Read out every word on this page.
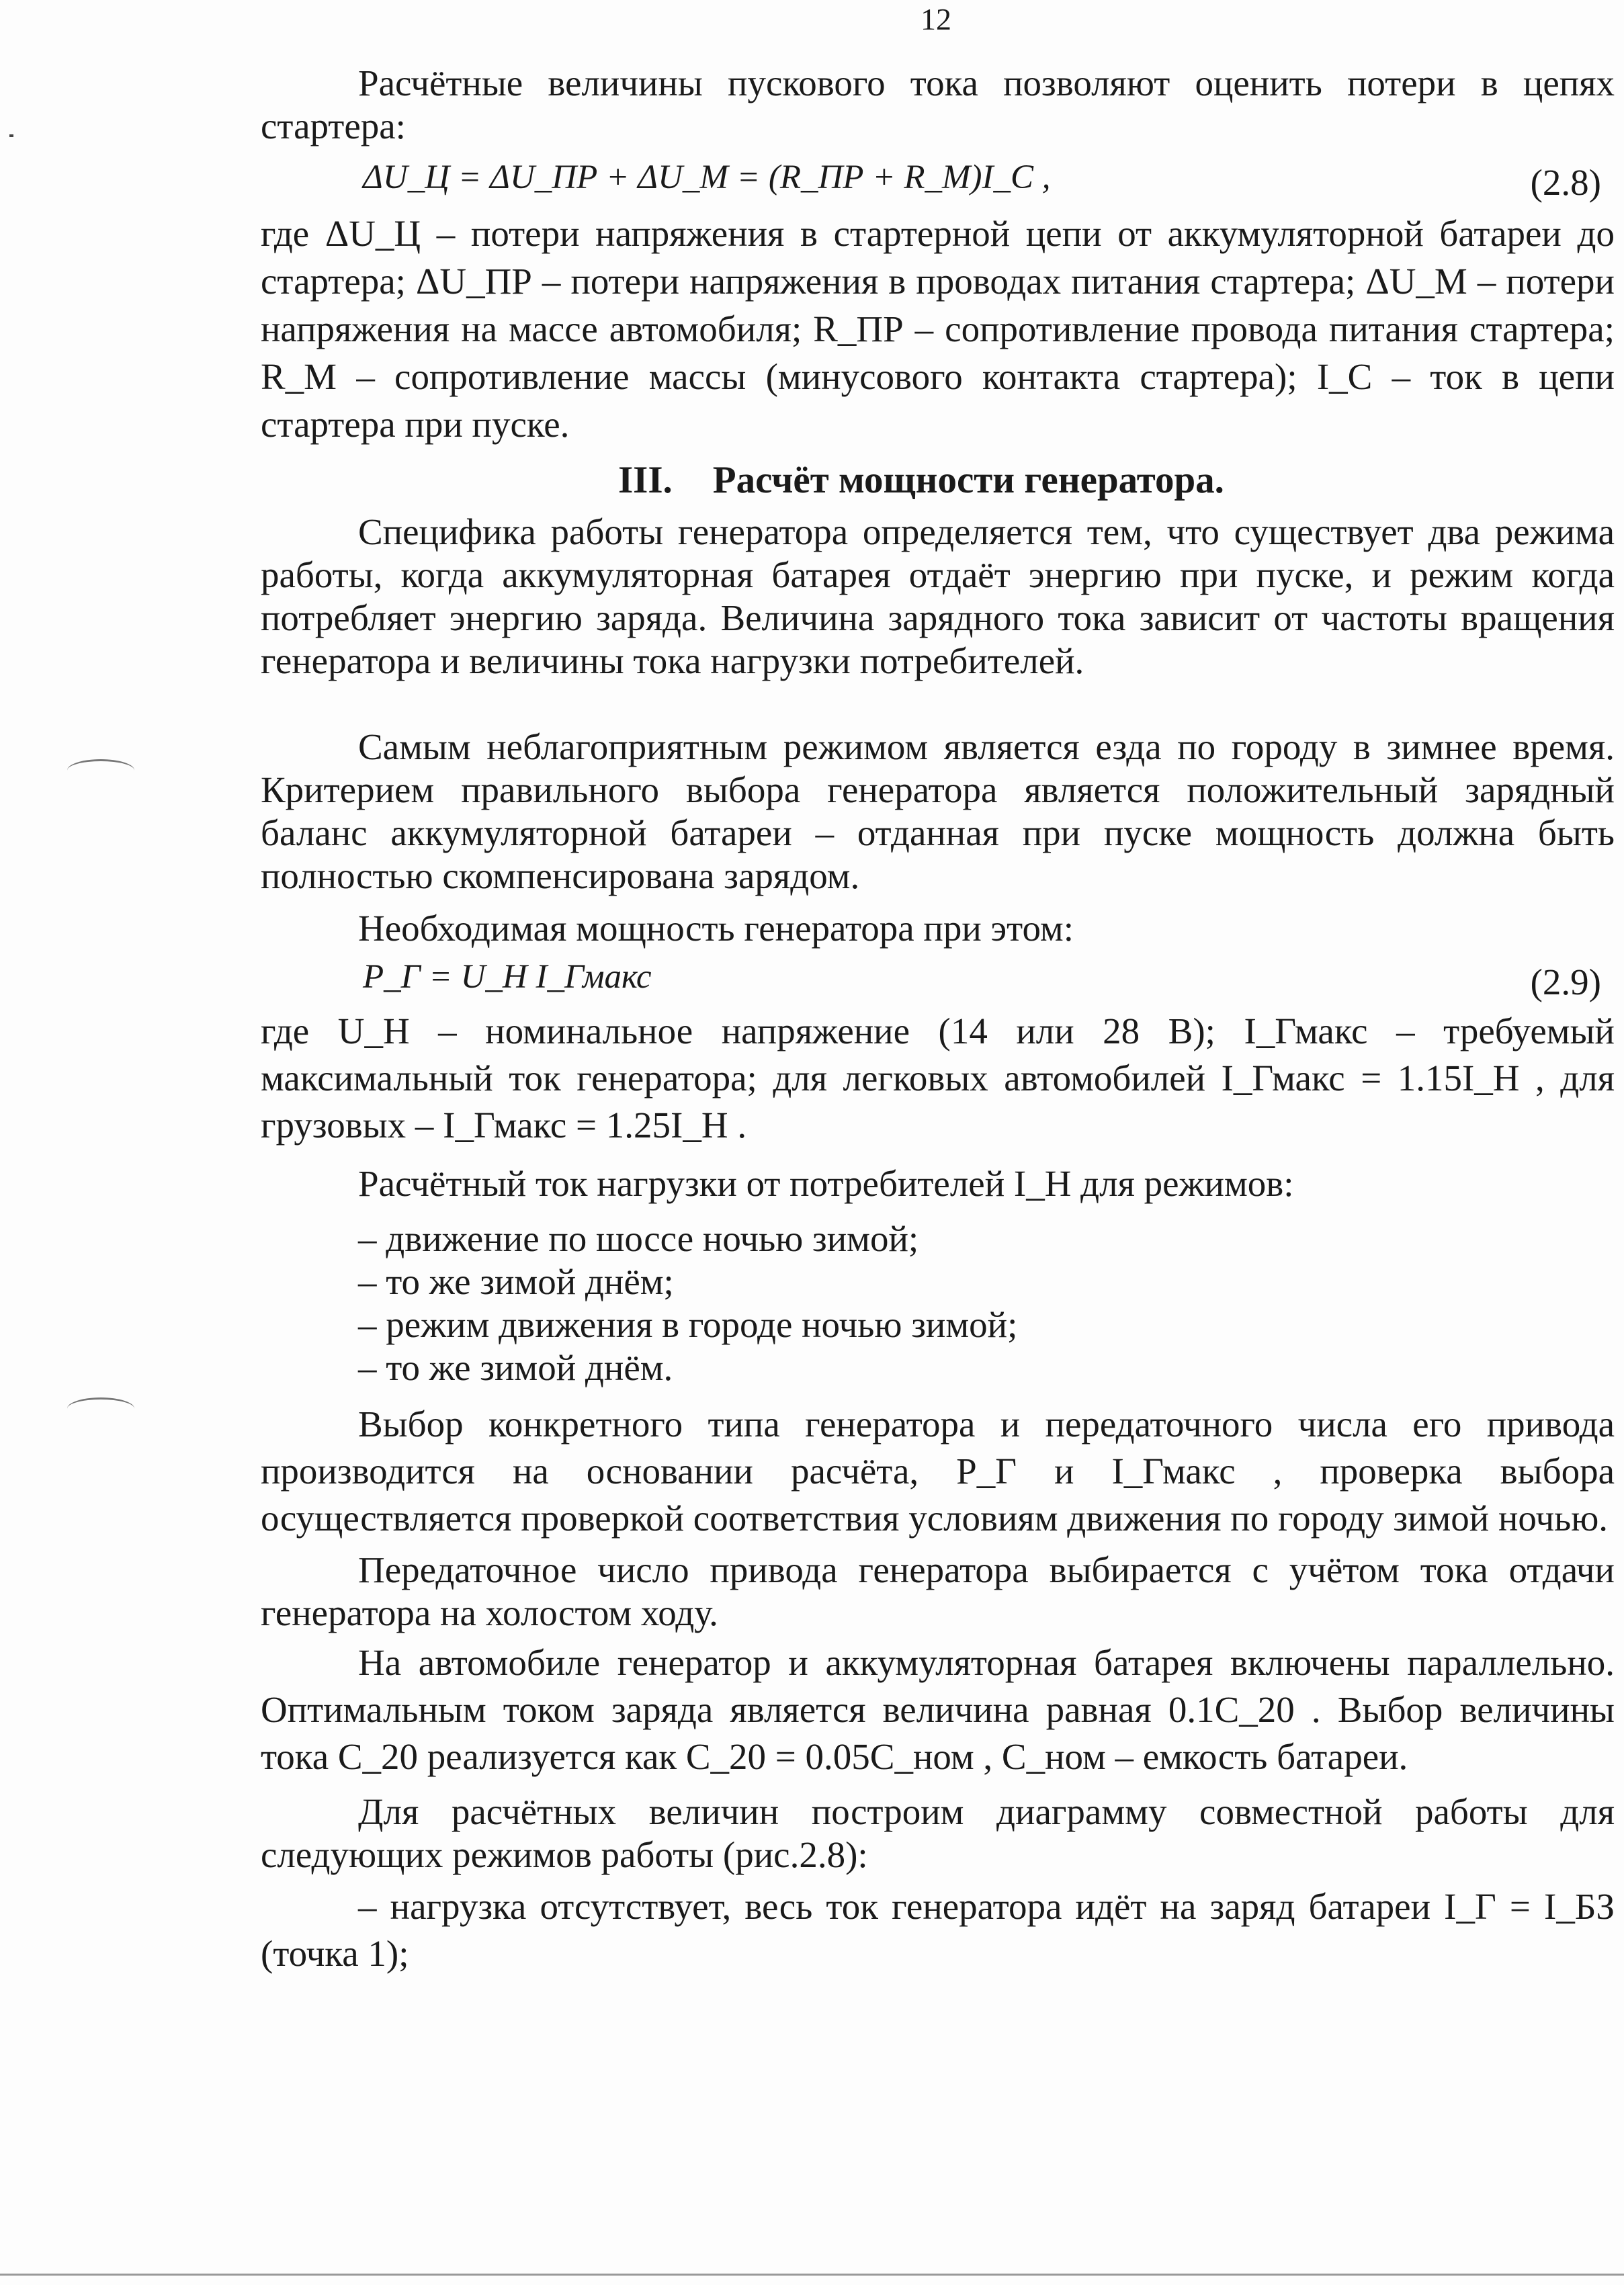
12

Расчётные величины пускового тока позволяют оценить потери в цепях стартера:

ΔU_Ц = ΔU_ПР + ΔU_М = (R_ПР + R_М)I_С ,	(2.8)

где ΔU_Ц – потери напряжения в стартерной цепи от аккумуляторной батареи до стартера; ΔU_ПР – потери напряжения в проводах питания стартера; ΔU_М – потери напряжения на массе автомобиля; R_ПР – сопротивление провода питания стартера; R_М – сопротивление массы (минусового контакта стартера); I_С – ток в цепи стартера при пуске.

III. Расчёт мощности генератора.

Специфика работы генератора определяется тем, что существует два режима работы, когда аккумуляторная батарея отдаёт энергию при пуске, и режим когда потребляет энергию заряда. Величина зарядного тока зависит от частоты вращения генератора и величины тока нагрузки потребителей.

Самым неблагоприятным режимом является езда по городу в зимнее время. Критерием правильного выбора генератора является положительный зарядный баланс аккумуляторной батареи – отданная при пуске мощность должна быть полностью скомпенсирована зарядом.

Необходимая мощность генератора при этом:
P_Г = U_Н I_Гмакс	(2.9)

где U_Н – номинальное напряжение (14 или 28 В); I_Гмакс – требуемый максимальный ток генератора; для легковых автомобилей I_Гмакс = 1.15I_Н , для грузовых – I_Гмакс = 1.25I_Н .

Расчётный ток нагрузки от потребителей I_Н для режимов:
– движение по шоссе ночью зимой;
– то же зимой днём;
– режим движения в городе ночью зимой;
– то же зимой днём.

Выбор конкретного типа генератора и передаточного числа его привода производится на основании расчёта, P_Г и I_Гмакс , проверка выбора осуществляется проверкой соответствия условиям движения по городу зимой ночью.

Передаточное число привода генератора выбирается с учётом тока отдачи генератора на холостом ходу.

На автомобиле генератор и аккумуляторная батарея включены параллельно. Оптимальным током заряда является величина равная 0.1C_20 . Выбор величины тока C_20 реализуется как C_20 = 0.05C_ном , C_ном – емкость батареи.

Для расчётных величин построим диаграмму совместной работы для следующих режимов работы (рис.2.8):

– нагрузка отсутствует, весь ток генератора идёт на заряд батареи I_Г = I_БЗ (точка 1);
